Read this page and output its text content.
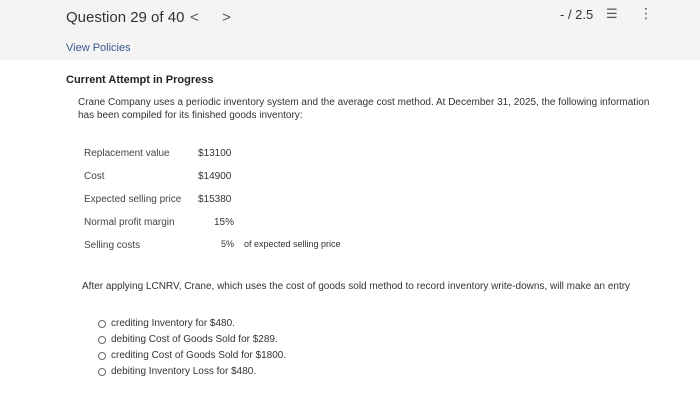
Question 29 of 40 < >	- / 2.5 ☰ ⋮
View Policies
Current Attempt in Progress
Crane Company uses a periodic inventory system and the average cost method. At December 31, 2025, the following information has been compiled for its finished goods inventory:
Replacement value	$13100
Cost	$14900
Expected selling price $15380
Normal profit margin	15%
Selling costs	5% of expected selling price
After applying LCNRV, Crane, which uses the cost of goods sold method to record inventory write-downs, will make an entry
crediting Inventory for $480.
debiting Cost of Goods Sold for $289.
crediting Cost of Goods Sold for $1800.
debiting Inventory Loss for $480.
